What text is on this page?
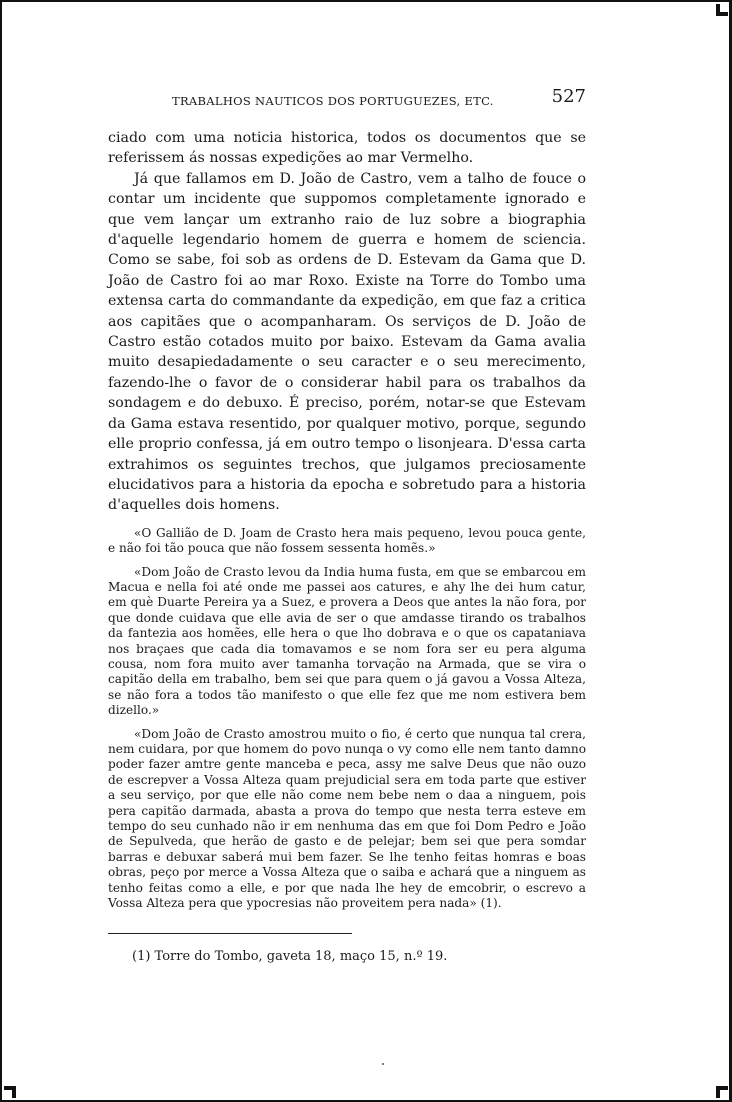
TRABALHOS NAUTICOS DOS PORTUGUEZES, ETC.	527

ciado com uma noticia historica, todos os documentos que se referissem ás nossas expedições ao mar Vermelho.

Já que fallamos em D. João de Castro, vem a talho de fouce o contar um incidente que suppomos completamente ignorado e que vem lançar um extranho raio de luz sobre a biographia d'aquelle legendario homem de guerra e homem de sciencia. Como se sabe, foi sob as ordens de D. Estevam da Gama que D. João de Castro foi ao mar Roxo. Existe na Torre do Tombo uma extensa carta do commandante da expedição, em que faz a critica aos capitães que o acompanharam. Os serviços de D. João de Castro estão cotados muito por baixo. Estevam da Gama avalia muito desapiedadamente o seu caracter e o seu merecimento, fazendo-lhe o favor de o considerar habil para os trabalhos da sondagem e do debuxo. É preciso, porém, notar-se que Estevam da Gama estava resentido, por qualquer motivo, porque, segundo elle proprio confessa, já em outro tempo o lisonjeara. D'essa carta extrahimos os seguintes trechos, que julgamos preciosamente elucidativos para a historia da epocha e sobretudo para a historia d'aquelles dois homens.

«O Gallião de D. Joam de Crasto hera mais pequeno, levou pouca gente, e não foi tão pouca que não fossem sessenta homẽs.»

«Dom João de Crasto levou da India huma fusta, em que se embarcou em Macua e nella foi até onde me passei aos catures, e ahy lhe dei hum catur, em què Duarte Pereira ya a Suez, e provera a Deos que antes la não fora, por que donde cuidava que elle avia de ser o que amdasse tirando os trabalhos da fantezia aos homẽes, elle hera o que lho dobrava e o que os capataniava nos braçaes que cada dia tomavamos e se nom fora ser eu pera alguma cousa, nom fora muito aver tamanha torvação na Armada, que se vira o capitão della em trabalho, bem sei que para quem o já gavou a Vossa Alteza, se não fora a todos tão manifesto o que elle fez que me nom estivera bem dizello.»

«Dom João de Crasto amostrou muito o fio, é certo que nunqua tal crera, nem cuidara, por que homem do povo nunqa o vy como elle nem tanto damno poder fazer amtre gente manceba e peca, assy me salve Deus que não ouzo de escrepver a Vossa Alteza quam prejudicial sera em toda parte que estiver a seu serviço, por que elle não come nem bebe nem o daa a ninguem, pois pera capitão darmada, abasta a prova do tempo que nesta terra esteve em tempo do seu cunhado não ir em nenhuma das em que foi Dom Pedro e João de Sepulveda, que herão de gasto e de pelejar; bem sei que pera somdar barras e debuxar saberá mui bem fazer. Se lhe tenho feitas homras e boas obras, peço por merce a Vossa Alteza que o saiba e achará que a ninguem as tenho feitas como a elle, e por que nada lhe hey de emcobrir, o escrevo a Vossa Alteza pera que ypocresias não proveitem pera nada» (1).

(1) Torre do Tombo, gaveta 18, maço 15, n.º 19.
